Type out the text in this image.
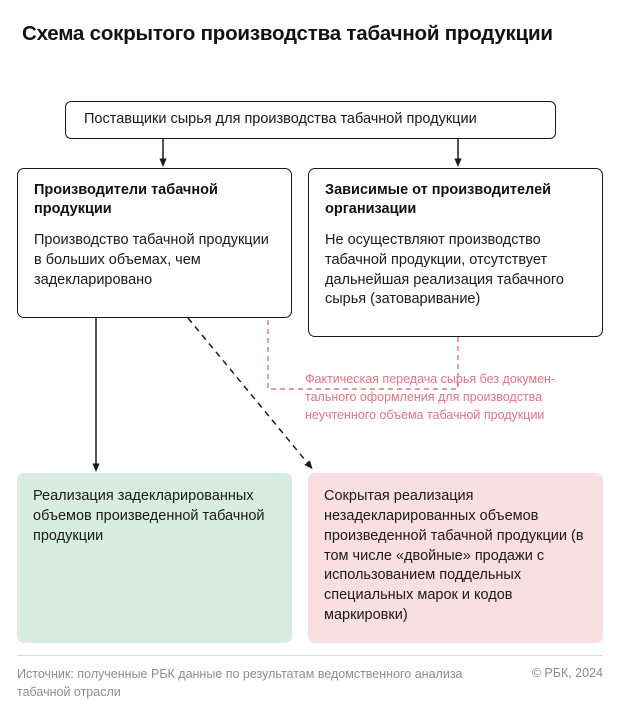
Схема сокрытого производства табачной продукции
Поставщики сырья для производства табачной продукции
Производители табачной продукции
Производство табачной продукции в больших объемах, чем задекларировано
Зависимые от производителей организации
Не осуществляют производство табачной продукции, отсутствует дальнейшая реализация табачного сырья (затоваривание)
Фактическая передача сырья без документального оформления для производства неучтенного объема табачной продукции
Реализация задекларированных объемов произведенной табачной продукции
Сокрытая реализация незадекларированных объемов произведенной табачной продукции (в том числе «двойные» продажи с использованием поддельных специальных марок и кодов маркировки)
Источник: полученные РБК данные по результатам ведомственного анализа табачной отрасли
© РБК, 2024
